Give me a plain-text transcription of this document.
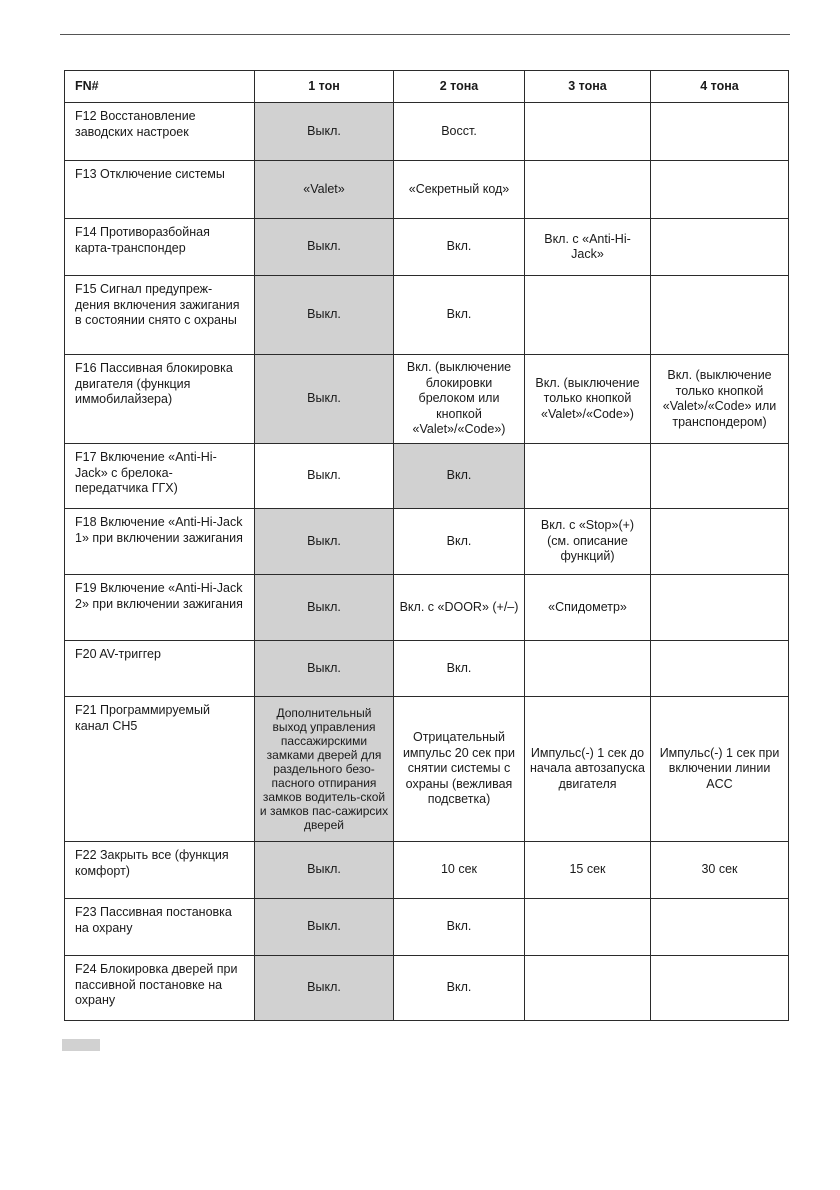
FN#	1 тон	2 тона	3 тона	4 тона
F12 Восстановление заводских настроек	Выкл.	Восст.		
F13 Отключение системы	«Valet»	«Секретный код»		
F14 Противоразбойная карта-транспондер	Выкл.	Вкл.	Вкл. с «Anti-Hi-Jack»	
F15 Сигнал предупреж-дения включения зажигания в состоянии снято с охраны	Выкл.	Вкл.		
F16 Пассивная блокировка двигателя (функция иммобилайзера)	Выкл.	Вкл. (выключение блокировки брелоком или кнопкой «Valet»/«Code»)	Вкл. (выключение только кнопкой «Valet»/«Code»)	Вкл. (выключение только кнопкой «Valet»/«Code» или транспондером)
F17 Включение «Anti-Hi-Jack» с брелока-передатчика ГГХ)	Выкл.	Вкл.		
F18 Включение «Anti-Hi-Jack 1» при включении зажигания	Выкл.	Вкл.	Вкл. с «Stop»(+) (см. описание функций)	
F19 Включение «Anti-Hi-Jack 2» при включении зажигания	Выкл.	Вкл. с «DOOR» (+/–)	«Спидометр»	
F20 AV-триггер	Выкл.	Вкл.		
F21 Программируемый канал CH5	Дополнительный выход управления пассажирскими замками дверей для раздельного безо-пасного отпирания замков водитель-ской и замков пас-сажирсих дверей	Отрицательный импульс 20 сек при снятии системы с охраны (вежливая подсветка)	Импульс(-) 1 сек до начала автозапуска двигателя	Импульс(-) 1 сек при включении линии ACC
F22 Закрыть все (функция комфорт)	Выкл.	10 сек	15 сек	30 сек
F23 Пассивная постановка на охрану	Выкл.	Вкл.		
F24 Блокировка дверей при пассивной постановке на охрану	Выкл.	Вкл.		
